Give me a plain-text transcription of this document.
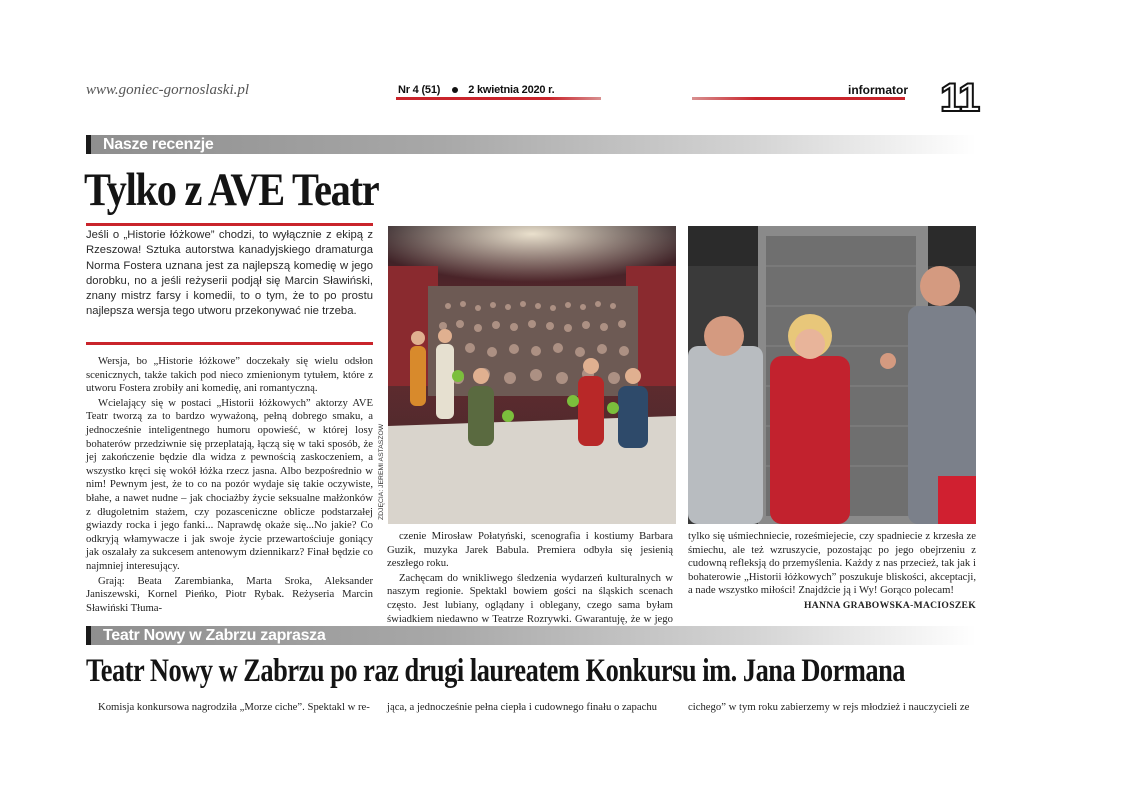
www.goniec-gornoslaski.pl	Nr 4 (51)	2 kwietnia 2020 r.	informator 11
Nasze recenzje
Tylko z AVE Teatr
Jeśli o „Historie łóżkowe” chodzi, to wyłącznie z ekipą z Rzeszowa! Sztuka autorstwa kanadyjskiego dramaturga Norma Fostera uznana jest za najlepszą komedię w jego dorobku, no a jeśli reżyserii podjął się Marcin Sławiński, znany mistrz farsy i komedii, to o tym, że to po prostu najlepsza wersja tego utworu przekonywać nie trzeba.

Wersja, bo „Historie łóżkowe” doczekały się wielu odsłon scenicznych, także takich pod nieco zmienionym tytułem, które z utworu Fostera zrobiły ani komedię, ani romantyczną.

Wcielający się w postaci „Historii łóżkowych” aktorzy AVE Teatr tworzą za to bardzo wyważoną, pełną dobrego smaku, a jednocześnie inteligentnego humoru opowieść, w której losy bohaterów przedziwnie się przeplatają, łączą się w taki sposób, że jej zakończenie będzie dla widza z pewnością zaskoczeniem, a wszystko kręci się wokół łóżka rzecz jasna. Albo bezpośrednio w nim! Pewnym jest, że to co na pozór wydaje się takie oczywiste, błahe, a nawet nudne – jak chociażby życie seksualne małżonków z długoletnim stażem, czy pozasceniczne oblicze podstarzałej gwiazdy rocka i jego fanki... Naprawdę okaże się...No jakie? Co odkryją włamywacze i jak swoje życie przewartościuje goniący jak oszalały za sukcesem antenowym dziennikarz? Finał będzie co najmniej interesujący.

Grają: Beata Zarembianka, Marta Sroka, Aleksander Janiszewski, Kornel Pieńko, Piotr Rybak. Reżyseria Marcin Sławiński Tłuma-

ZDJĘCIA: JEREMI ASTASZOW

czenie Mirosław Połatyński, scenografia i kostiumy Barbara Guzik, muzyka Jarek Babula. Premiera odbyła się jesienią zeszłego roku.

Zachęcam do wnikliwego śledzenia wydarzeń kulturalnych w naszym regionie. Spektakl bowiem gości na śląskich scenach często. Jest lubiany, oglądany i oblegany, czego sama byłam świadkiem niedawno w Teatrze Rozrywki. Gwarantuję, że w jego

tylko się uśmiechniecie, roześmiejecie, czy spadniecie z krzesła ze śmiechu, ale też wzruszycie, pozostając po jego obejrzeniu z cudowną refleksją do przemyślenia. Każdy z nas przecież, tak jak i bohaterowie „Historii łóżkowych” poszukuje bliskości, akceptacji, a nade wszystko miłości! Znajdźcie ją i Wy! Gorąco polecam!

HANNA GRABOWSKA-MACIOSZEK
Teatr Nowy w Zabrzu zaprasza
Teatr Nowy w Zabrzu po raz drugi laureatem Konkursu im. Jana Dormana
Komisja konkursowa nagrodziła „Morze ciche”. Spektakl w re- jąca, a jednocześnie pełna ciepła i cudownego finału o zapachu	cichego” w tym roku zabierzemy w rejs młodzież i nauczycieli ze
